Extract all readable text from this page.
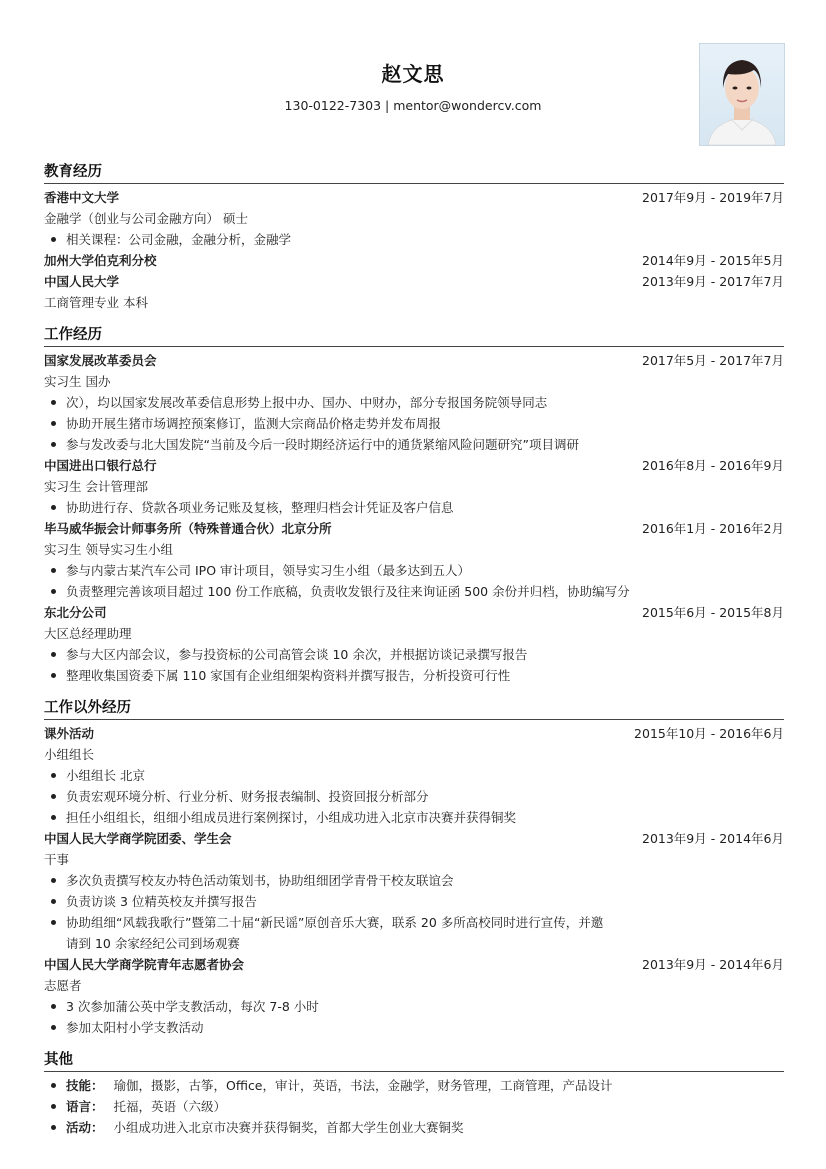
赵文思
130-0122-7303 | mentor@wondercv.com
教育经历
香港中文大学	2017年9月 - 2019年7月
金融学（创业与公司金融方向） 硕士
相关课程：公司金融，金融分析，金融学
加州大学伯克利分校	2014年9月 - 2015年5月
中国人民大学	2013年9月 - 2017年7月
工商管理专业 本科
工作经历
国家发展改革委员会	2017年5月 - 2017年7月
实习生 国办
次），均以国家发展改革委信息形势上报中办、国办、中财办，部分专报国务院领导同志
协助开展生猪市场调控预案修订，监测大宗商品价格走势并发布周报
参与发改委与北大国发院“当前及今后一段时期经济运行中的通货紧缩风险问题研究”项目调研
中国进出口银行总行	2016年8月 - 2016年9月
实习生 会计管理部
协助进行存、贷款各项业务记账及复核，整理归档会计凭证及客户信息
毕马威华振会计师事务所（特殊普通合伙）北京分所	2016年1月 - 2016年2月
实习生 领导实习生小组
参与内蒙古某汽车公司 IPO 审计项目，领导实习生小组（最多达到五人）
负责整理完善该项目超过 100 份工作底稿，负责收发银行及往来询证函 500 余份并归档，协助编写分
东北分公司	2015年6月 - 2015年8月
大区总经理助理
参与大区内部会议，参与投资标的公司高管会谈 10 余次，并根据访谈记录撰写报告
整理收集国资委下属 110 家国有企业组细架构资料并撰写报告，分析投资可行性
工作以外经历
课外活动	2015年10月 - 2016年6月
小组组长
小组组长 北京
负责宏观环境分析、行业分析、财务报表编制、投资回报分析部分
担任小组组长，组细小组成员进行案例探讨，小组成功进入北京市决赛并获得铜奖
中国人民大学商学院团委、学生会	2013年9月 - 2014年6月
干事
多次负责撰写校友办特色活动策划书，协助组细团学青骨干校友联谊会
负责访谈 3 位精英校友并撰写报告
协助组细“风载我歌行”暨第二十届“新民谣”原创音乐大赛，联系 20 多所高校同时进行宣传，并邀
请到 10 余家经纪公司到场观赛
中国人民大学商学院青年志愿者协会	2013年9月 - 2014年6月
志愿者
3 次参加蒲公英中学支教活动，每次 7-8 小时
参加太阳村小学支教活动
其他
技能： 瑜伽，摄影，古筝，Office，审计，英语，书法，金融学，财务管理，工商管理，产品设计
语言： 托福，英语（六级）
活动： 小组成功进入北京市决赛并获得铜奖，首都大学生创业大赛铜奖
